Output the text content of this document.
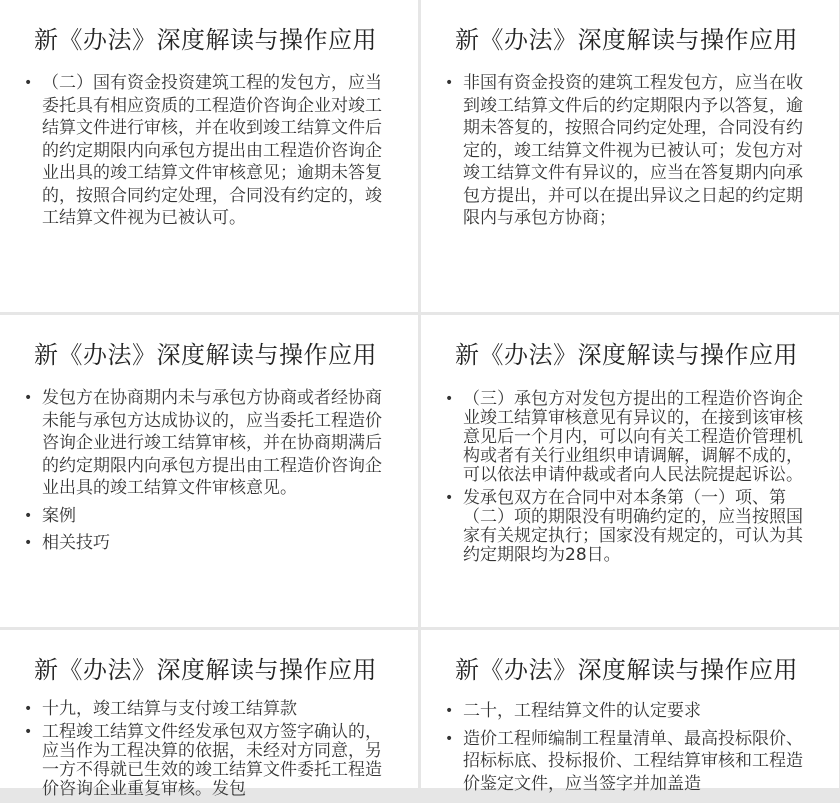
新《办法》深度解读与操作应用
• （二）国有资金投资建筑工程的发包方，应当委托具有相应资质的工程造价咨询企业对竣工结算文件进行审核，并在收到竣工结算文件后的约定期限内向承包方提出由工程造价咨询企业出具的竣工结算文件审核意见；逾期未答复的，按照合同约定处理，合同没有约定的，竣工结算文件视为已被认可。
新《办法》深度解读与操作应用
• 非国有资金投资的建筑工程发包方，应当在收到竣工结算文件后的约定期限内予以答复，逾期未答复的，按照合同约定处理，合同没有约定的，竣工结算文件视为已被认可；发包方对竣工结算文件有异议的，应当在答复期内向承包方提出，并可以在提出异议之日起的约定期限内与承包方协商；
新《办法》深度解读与操作应用
• 发包方在协商期内未与承包方协商或者经协商未能与承包方达成协议的，应当委托工程造价咨询企业进行竣工结算审核，并在协商期满后的约定期限内向承包方提出由工程造价咨询企业出具的竣工结算文件审核意见。
• 案例
• 相关技巧
新《办法》深度解读与操作应用
• （三）承包方对发包方提出的工程造价咨询企业竣工结算审核意见有异议的，在接到该审核意见后一个月内，可以向有关工程造价管理机构或者有关行业组织申请调解，调解不成的，可以依法申请仲裁或者向人民法院提起诉讼。
• 发承包双方在合同中对本条第（一）项、第（二）项的期限没有明确约定的，应当按照国家有关规定执行；国家没有规定的，可认为其约定期限均为28日。
新《办法》深度解读与操作应用
• 十九，竣工结算与支付竣工结算款
• 工程竣工结算文件经发承包双方签字确认的，应当作为工程决算的依据，未经对方同意，另一方不得就已生效的竣工结算文件委托工程造价咨询企业重复审核。发包
新《办法》深度解读与操作应用
• 二十，工程结算文件的认定要求
• 造价工程师编制工程量清单、最高投标限价、招标标底、投标报价、工程结算审核和工程造价鉴定文件，应当签字并加盖造
